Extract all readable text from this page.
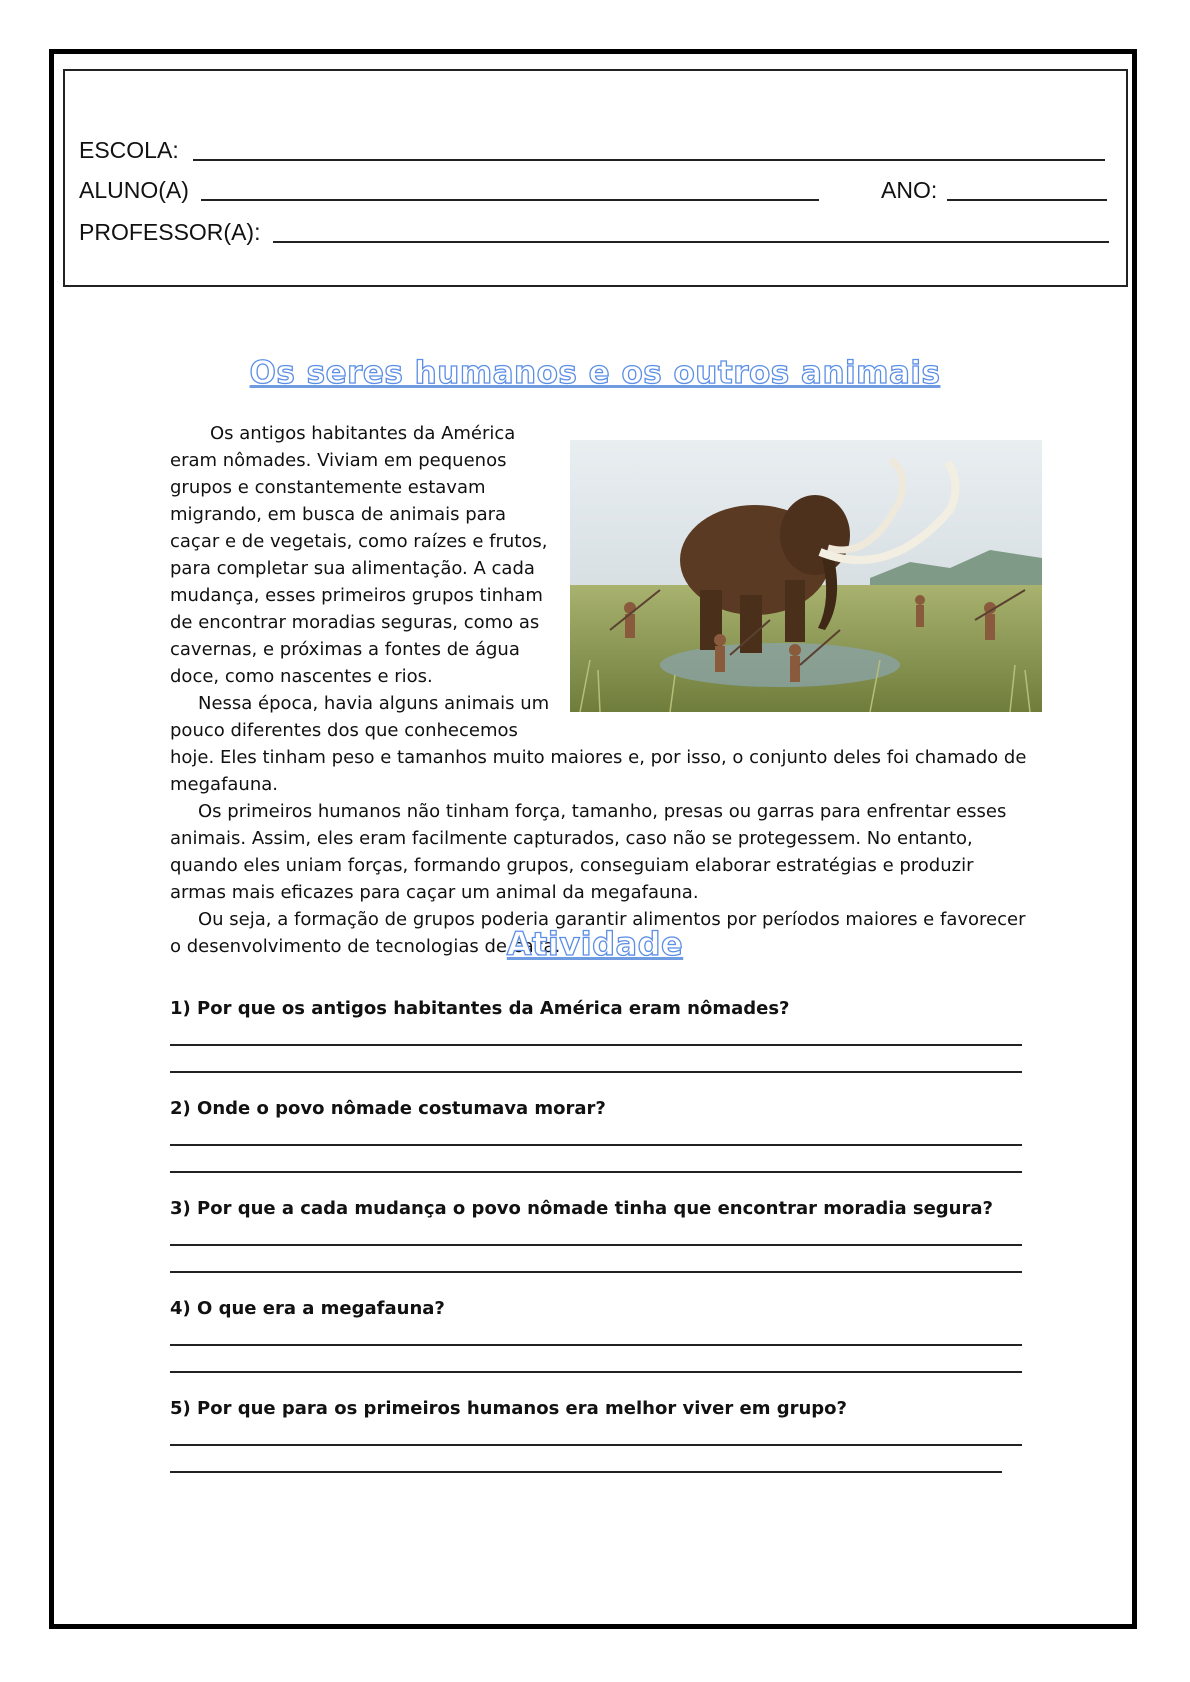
ESCOLA:
ALUNO(A)	ANO:
PROFESSOR(A):
Os seres humanos e os outros animais

Os antigos habitantes da América eram nômades. Viviam em pequenos grupos e constantemente estavam migrando, em busca de animais para caçar e de vegetais, como raízes e frutos, para completar sua alimentação. A cada mudança, esses primeiros grupos tinham de encontrar moradias seguras, como as cavernas, e próximas a fontes de água doce, como nascentes e rios.

Nessa época, havia alguns animais um pouco diferentes dos que conhecemos hoje. Eles tinham peso e tamanhos muito maiores e, por isso, o conjunto deles foi chamado de megafauna.

Os primeiros humanos não tinham força, tamanho, presas ou garras para enfrentar esses animais. Assim, eles eram facilmente capturados, caso não se protegessem. No entanto, quando eles uniam forças, formando grupos, conseguiam elaborar estratégias e produzir armas mais eficazes para caçar um animal da megafauna.

Ou seja, a formação de grupos poderia garantir alimentos por períodos maiores e favorecer o desenvolvimento de tecnologias de caça.

Atividade
1) Por que os antigos habitantes da América eram nômades?
2) Onde o povo nômade costumava morar?
3) Por que a cada mudança o povo nômade tinha que encontrar moradia segura?
4) O que era a megafauna?
5) Por que para os primeiros humanos era melhor viver em grupo?
